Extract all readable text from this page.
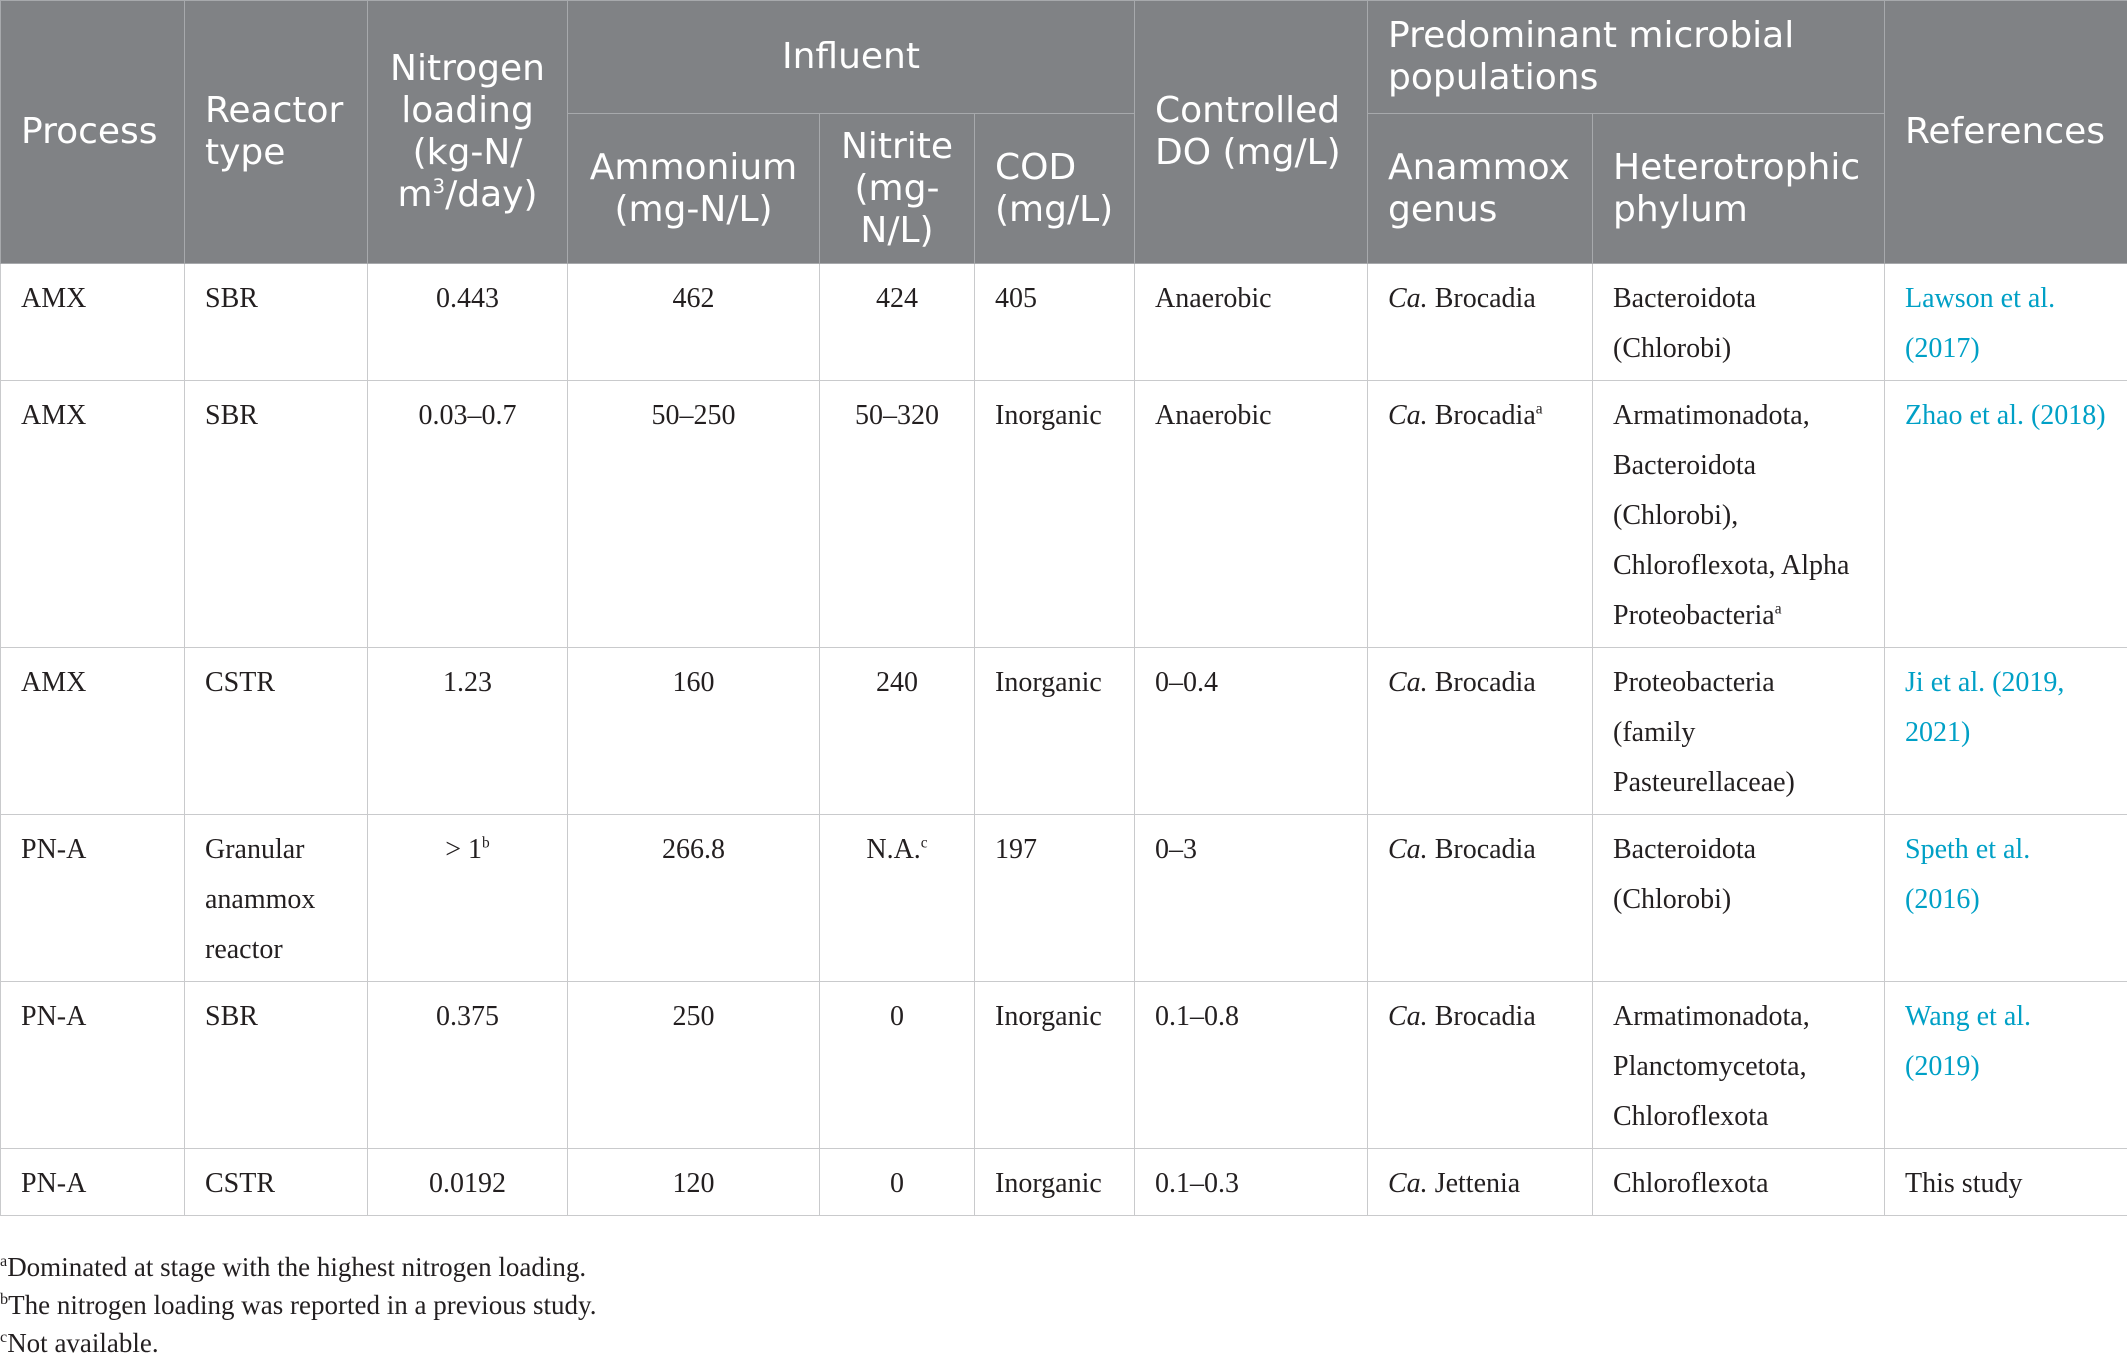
Process	Reactor type	Nitrogen loading (kg-N/ $m^3/day$)	Influent			Controlled DO (mg/L)	Predominant microbial populations		References
			Ammonium (mg-N/L)	Nitrite (mg-N/L)	COD (mg/L)		Anammox genus	Heterotrophic phylum	
AMX	SBR	0.443	462	424	405	Anaerobic	Ca. Brocadia	Bacteroidota (Chlorobi)	Lawson et al. (2017)
AMX	SBR	0.03–0.7	50–250	50–320	Inorganic	Anaerobic	Ca. Brocadia$^a$	Armatimonadota, Bacteroidota (Chlorobi), Chloroflexota, Alpha Proteobacteria$^a$	Zhao et al. (2018)
AMX	CSTR	1.23	160	240	Inorganic	0–0.4	Ca. Brocadia	Proteobacteria (family Pasteurellaceae)	Ji et al. (2019, 2021)
PN-A	Granular anammox reactor	> $1^b$	266.8	N.A.$^c$	197	0–3	Ca. Brocadia	Bacteroidota (Chlorobi)	Speth et al. (2016)
PN-A	SBR	0.375	250	0	Inorganic	0.1–0.8	Ca. Brocadia	Armatimonadota, Planctomycetota, Chloroflexota	Wang et al. (2019)
PN-A	CSTR	0.0192	120	0	Inorganic	0.1–0.3	Ca. Jettenia	Chloroflexota	This study
$^a$Dominated at stage with the highest nitrogen loading.
$^b$The nitrogen loading was reported in a previous study.
$^c$Not available.
